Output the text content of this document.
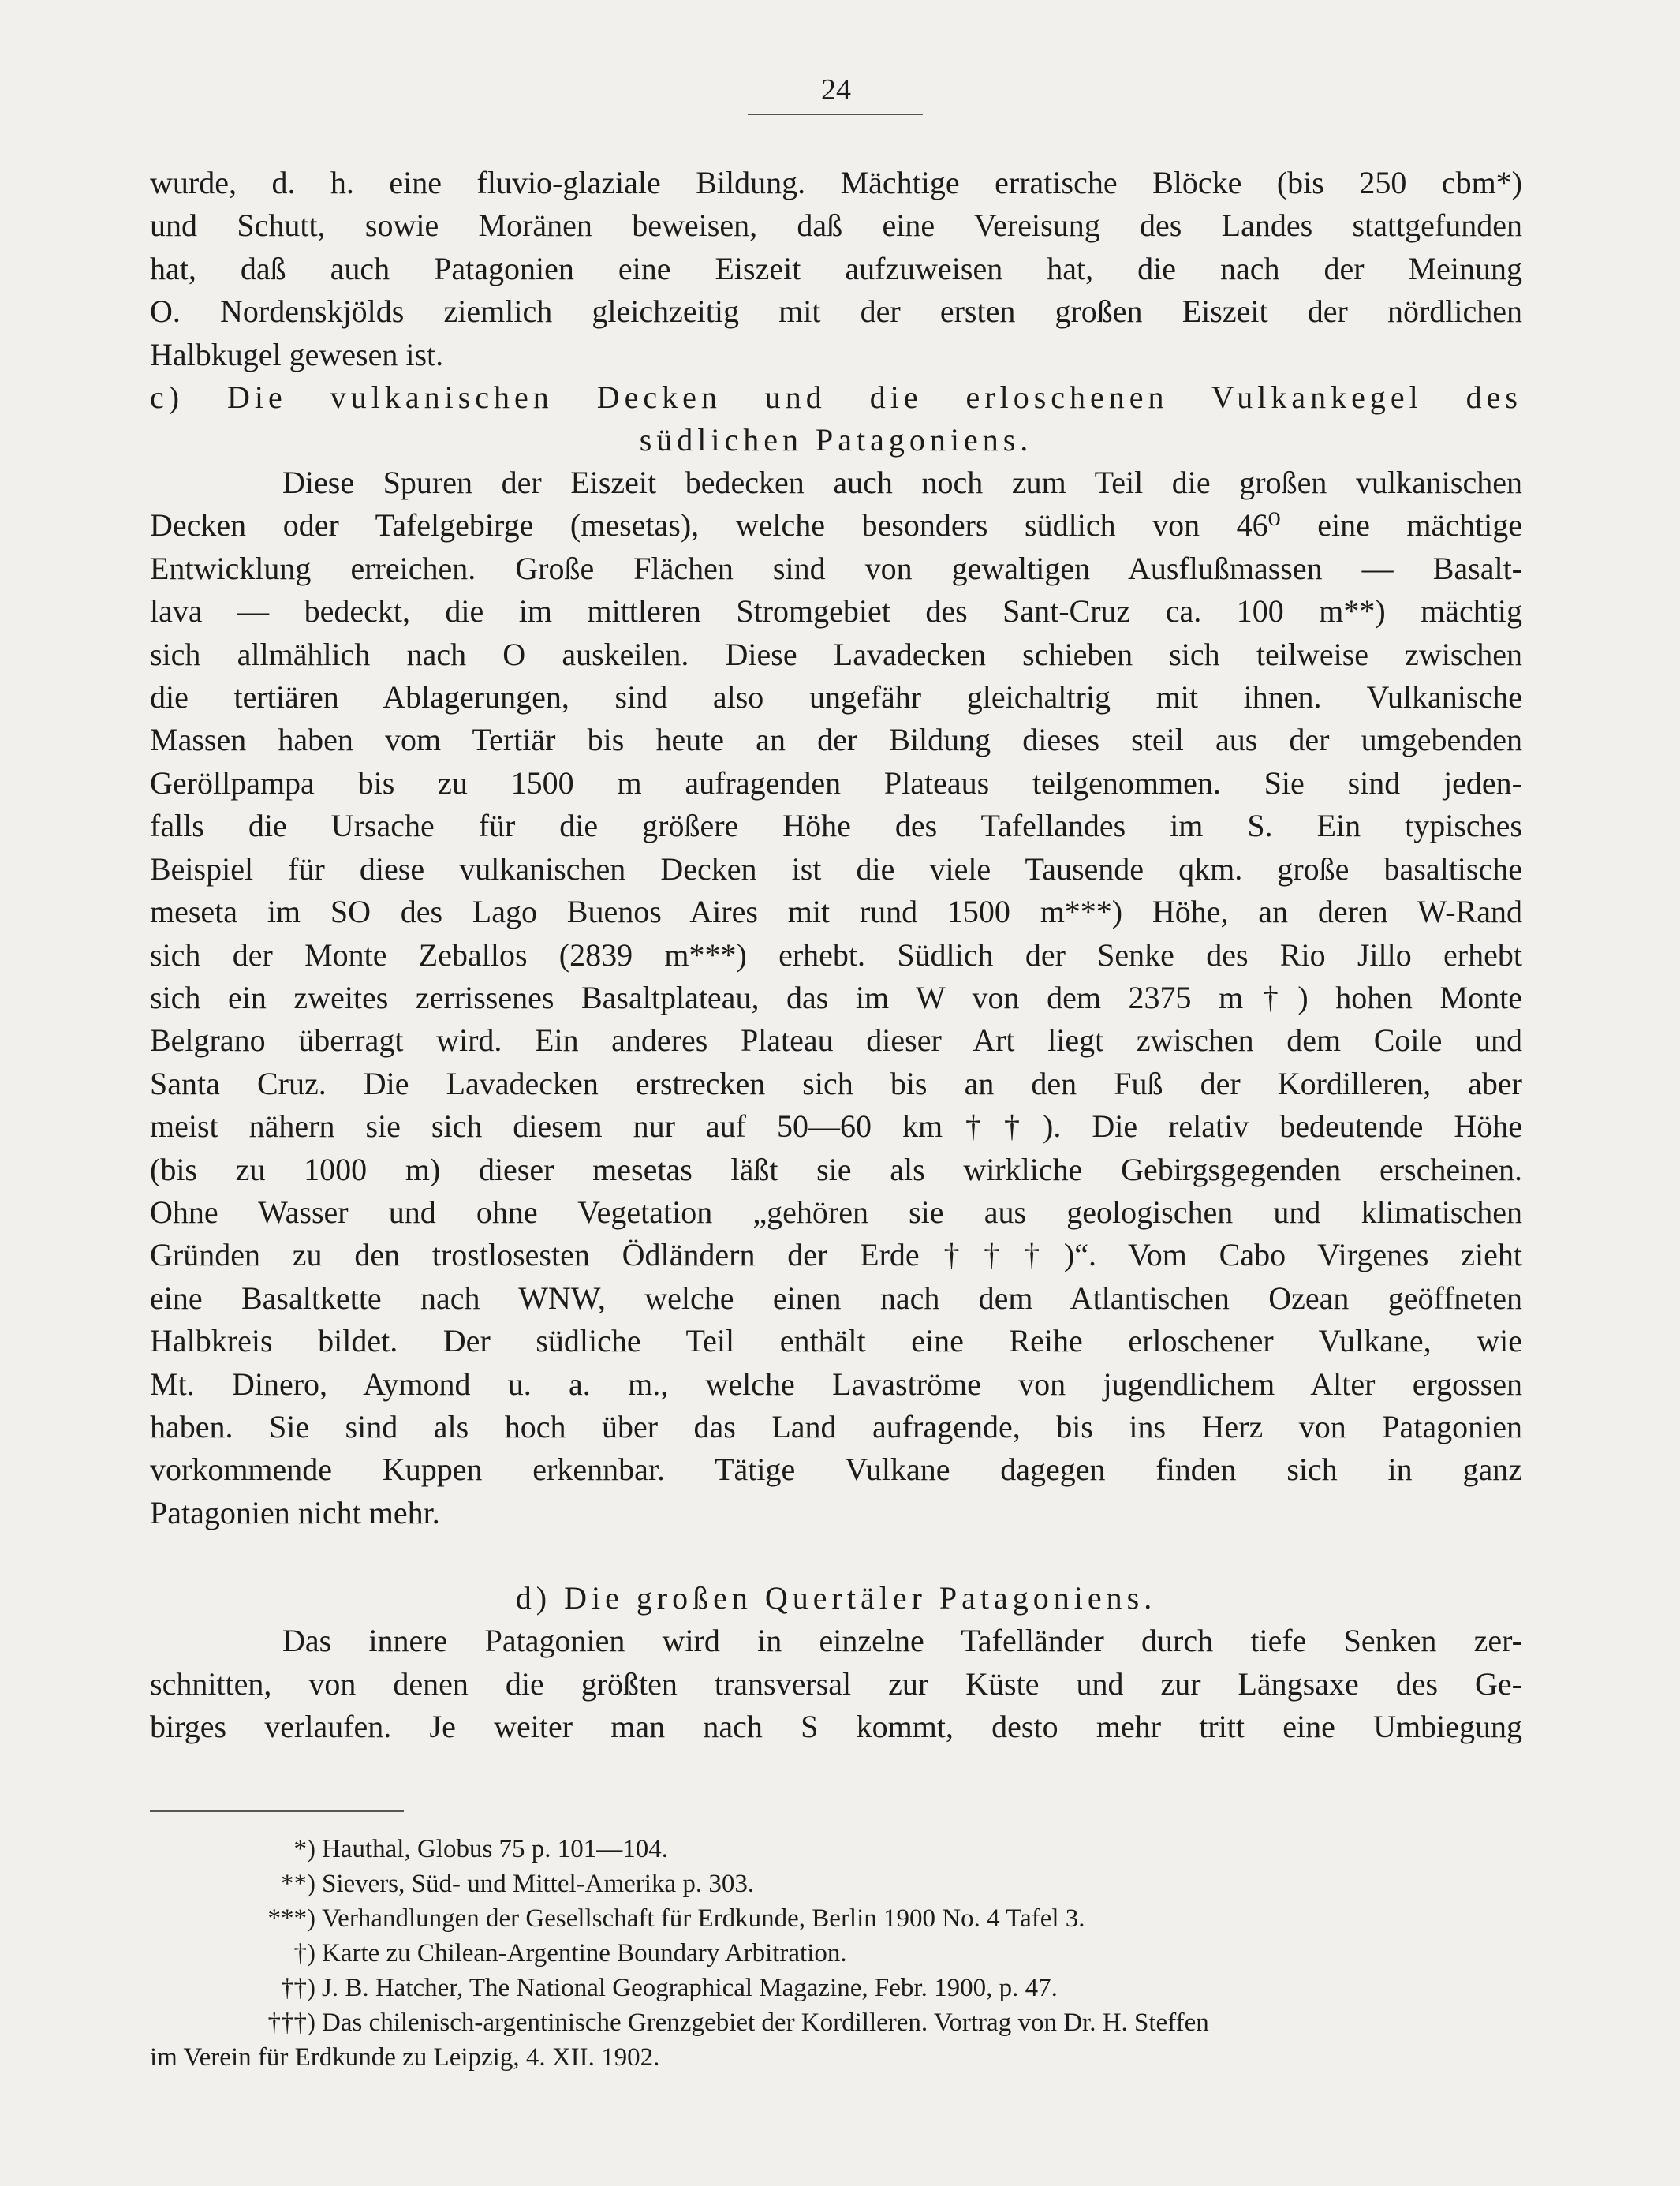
24

wurde, d. h. eine fluvio-glaziale Bildung. Mächtige erratische Blöcke (bis 250 cbm*)
und Schutt, sowie Moränen beweisen, daß eine Vereisung des Landes stattgefunden
hat, daß auch Patagonien eine Eiszeit aufzuweisen hat, die nach der Meinung
O. Nordenskjölds ziemlich gleichzeitig mit der ersten großen Eiszeit der nördlichen
Halbkugel gewesen ist.

c) Die vulkanischen Decken und die erloschenen Vulkankegel des

südlichen Patagoniens.

Diese Spuren der Eiszeit bedecken auch noch zum Teil die großen vulkanischen
Decken oder Tafelgebirge (mesetas), welche besonders südlich von 46⁰ eine mächtige
Entwicklung erreichen. Große Flächen sind von gewaltigen Ausflußmassen — Basalt-
lava — bedeckt, die im mittleren Stromgebiet des Sant-Cruz ca. 100 m**) mächtig
sich allmählich nach O auskeilen. Diese Lavadecken schieben sich teilweise zwischen
die tertiären Ablagerungen, sind also ungefähr gleichaltrig mit ihnen. Vulkanische
Massen haben vom Tertiär bis heute an der Bildung dieses steil aus der umgebenden
Geröllpampa bis zu 1500 m aufragenden Plateaus teilgenommen. Sie sind jeden-
falls die Ursache für die größere Höhe des Tafellandes im S. Ein typisches
Beispiel für diese vulkanischen Decken ist die viele Tausende qkm. große basaltische
meseta im SO des Lago Buenos Aires mit rund 1500 m***) Höhe, an deren W-Rand
sich der Monte Zeballos (2839 m***) erhebt. Südlich der Senke des Rio Jillo erhebt
sich ein zweites zerrissenes Basaltplateau, das im W von dem 2375 m†) hohen Monte
Belgrano überragt wird. Ein anderes Plateau dieser Art liegt zwischen dem Coile und
Santa Cruz. Die Lavadecken erstrecken sich bis an den Fuß der Kordilleren, aber
meist nähern sie sich diesem nur auf 50—60 km††). Die relativ bedeutende Höhe
(bis zu 1000 m) dieser mesetas läßt sie als wirkliche Gebirgsgegenden erscheinen.
Ohne Wasser und ohne Vegetation „gehören sie aus geologischen und klimatischen
Gründen zu den trostlosesten Ödländern der Erde†††)“. Vom Cabo Virgenes zieht
eine Basaltkette nach WNW, welche einen nach dem Atlantischen Ozean geöffneten
Halbkreis bildet. Der südliche Teil enthält eine Reihe erloschener Vulkane, wie
Mt. Dinero, Aymond u. a. m., welche Lavaströme von jugendlichem Alter ergossen
haben. Sie sind als hoch über das Land aufragende, bis ins Herz von Patagonien
vorkommende Kuppen erkennbar. Tätige Vulkane dagegen finden sich in ganz
Patagonien nicht mehr.

d) Die großen Quertäler Patagoniens.

Das innere Patagonien wird in einzelne Tafelländer durch tiefe Senken zer-
schnitten, von denen die größten transversal zur Küste und zur Längsaxe des Ge-
birges verlaufen. Je weiter man nach S kommt, desto mehr tritt eine Umbiegung

*) Hauthal, Globus 75 p. 101—104.
**) Sievers, Süd- und Mittel-Amerika p. 303.
***) Verhandlungen der Gesellschaft für Erdkunde, Berlin 1900 No. 4 Tafel 3.
†) Karte zu Chilean-Argentine Boundary Arbitration.
††) J. B. Hatcher, The National Geographical Magazine, Febr. 1900, p. 47.
†††) Das chilenisch-argentinische Grenzgebiet der Kordilleren. Vortrag von Dr. H. Steffen
im Verein für Erdkunde zu Leipzig, 4. XII. 1902.
